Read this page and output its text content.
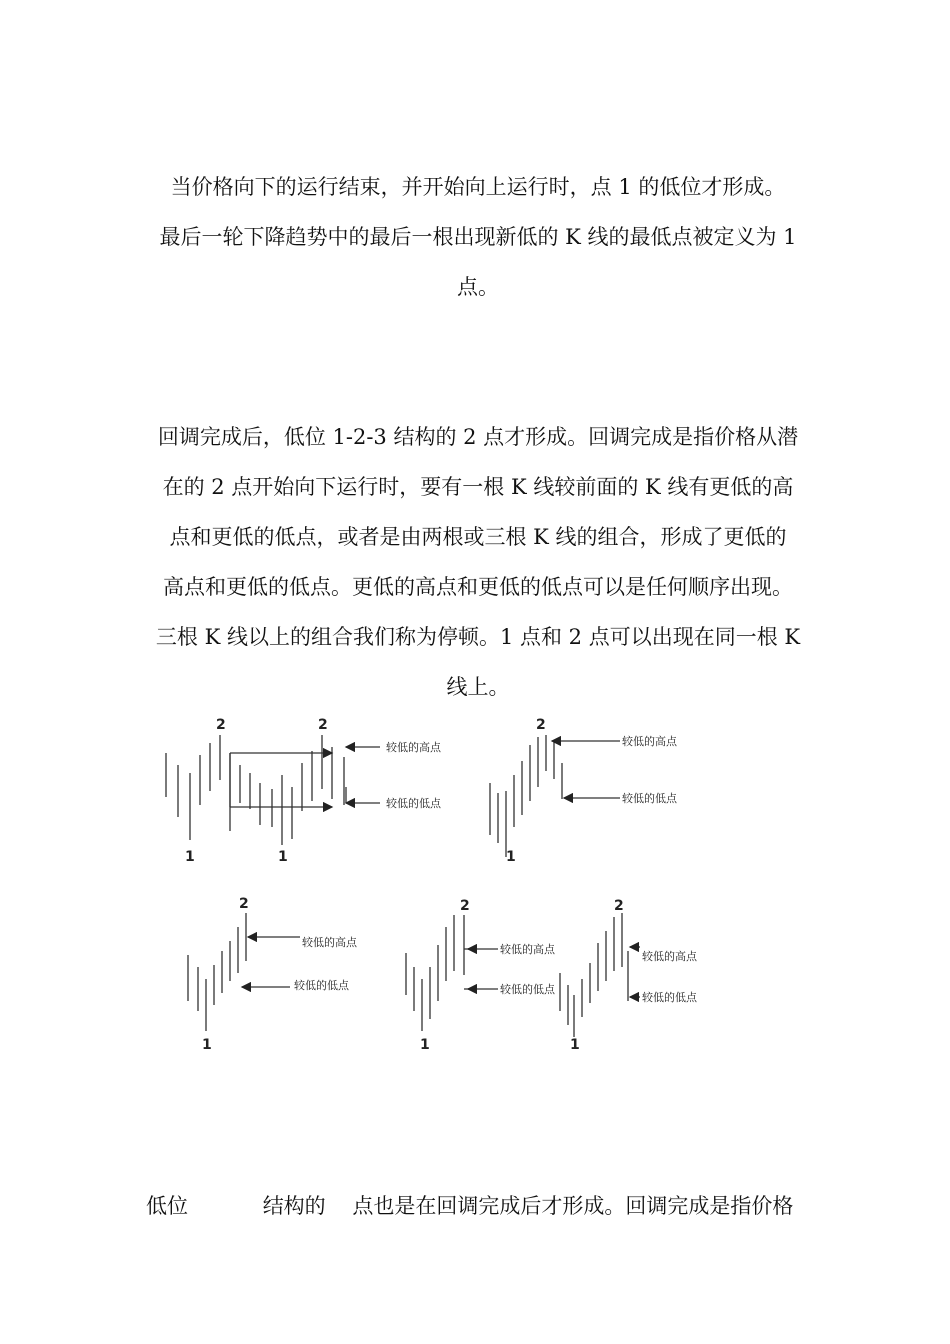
当价格向下的运行结束，并开始向上运行时，点 1 的低位才形成。
最后一轮下降趋势中的最后一根出现新低的 K 线的最低点被定义为 1
点。
回调完成后，低位 1-2-3 结构的 2 点才形成。回调完成是指价格从潜
在的 2 点开始向下运行时，要有一根 K 线较前面的 K 线有更低的高
点和更低的低点，或者是由两根或三根 K 线的组合，形成了更低的
高点和更低的低点。更低的高点和更低的低点可以是任何顺序出现。
三根 K 线以上的组合我们称为停顿。1 点和 2 点可以出现在同一根 K
线上。
2	2
1	1
2
1
2
1
2
1
2
1
较低的高点
较低的低点
较低的高点
较低的低点
较低的高点
较低的低点
较低的高点
较低的低点
较低的高点
较低的低点
低位	结构的 点也是在回调完成后才形成。回调完成是指价格
